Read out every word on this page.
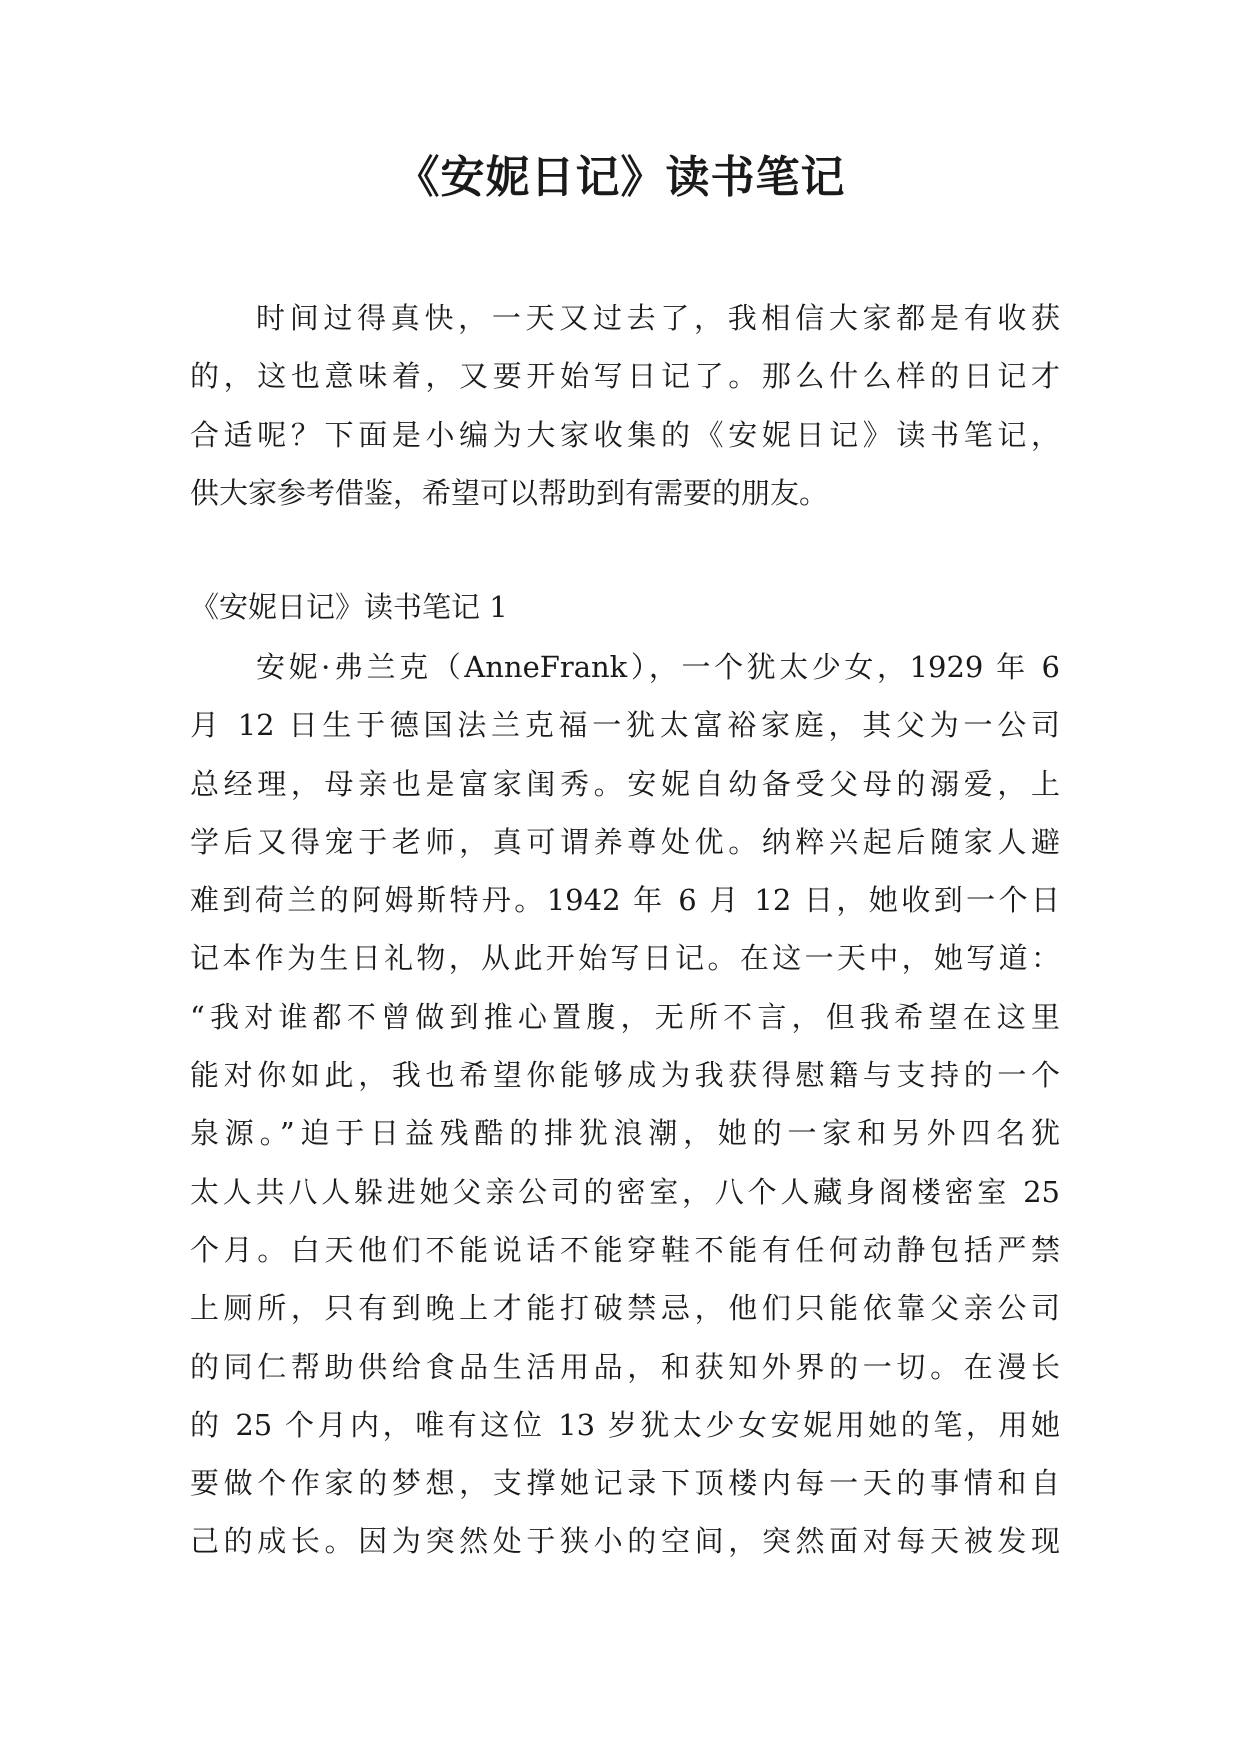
《安妮日记》读书笔记
时间过得真快，一天又过去了，我相信大家都是有收获
的，这也意味着，又要开始写日记了。那么什么样的日记才
合适呢？下面是小编为大家收集的《安妮日记》读书笔记，
供大家参考借鉴，希望可以帮助到有需要的朋友。
《安妮日记》读书笔记 1
安妮·弗兰克（AnneFrank），一个犹太少女，1929 年 6
月 12 日生于德国法兰克福一犹太富裕家庭，其父为一公司
总经理，母亲也是富家闺秀。安妮自幼备受父母的溺爱，上
学后又得宠于老师，真可谓养尊处优。纳粹兴起后随家人避
难到荷兰的阿姆斯特丹。1942 年 6 月 12 日，她收到一个日
记本作为生日礼物，从此开始写日记。在这一天中，她写道：
“我对谁都不曾做到推心置腹，无所不言，但我希望在这里
能对你如此，我也希望你能够成为我获得慰籍与支持的一个
泉源。”迫于日益残酷的排犹浪潮，她的一家和另外四名犹
太人共八人躲进她父亲公司的密室，八个人藏身阁楼密室 25
个月。白天他们不能说话不能穿鞋不能有任何动静包括严禁
上厕所，只有到晚上才能打破禁忌，他们只能依靠父亲公司
的同仁帮助供给食品生活用品，和获知外界的一切。在漫长
的 25 个月内，唯有这位 13 岁犹太少女安妮用她的笔，用她
要做个作家的梦想，支撑她记录下顶楼内每一天的事情和自
己的成长。因为突然处于狭小的空间，突然面对每天被发现
